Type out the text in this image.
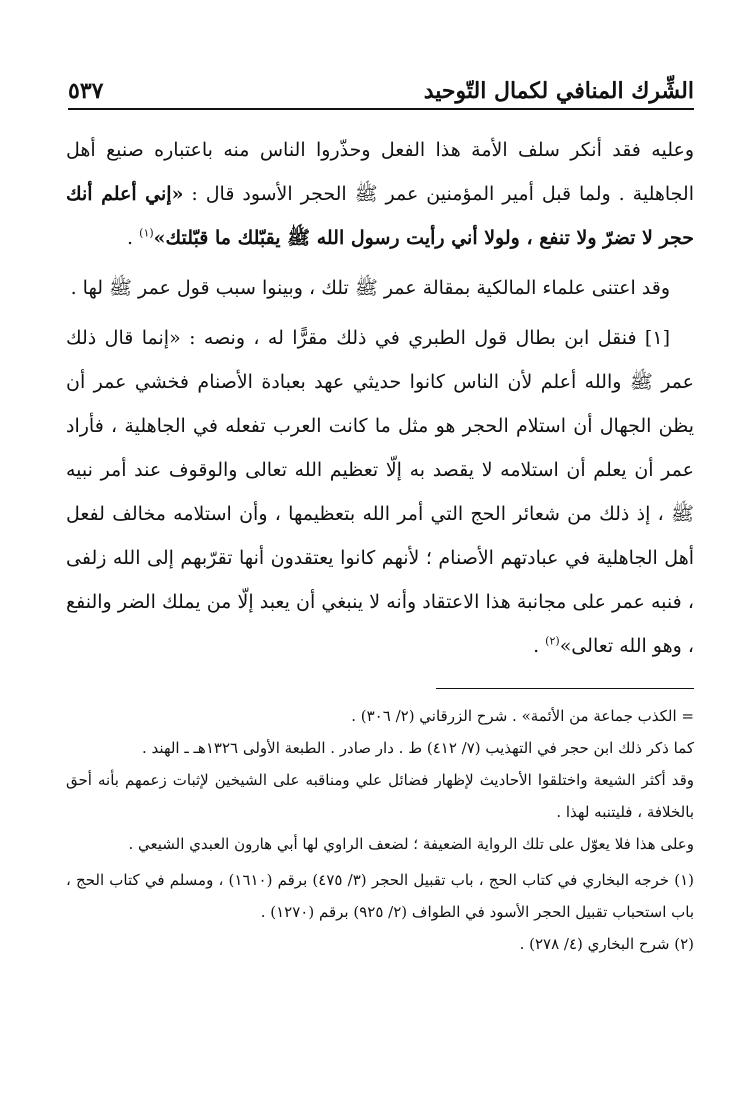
الشِّرك المنافي لكمال التّوحيد
٥٣٧

وعليه فقد أنكر سلف الأمة هذا الفعل وحذّروا الناس منه باعتباره صنيع أهل الجاهلية . ولما قبل أمير المؤمنين عمر ﷺ الحجر الأسود قال : «إني أعلم أنك حجر لا تضرّ ولا تنفع ، ولولا أني رأيت رسول الله ﷺ يقبّلك ما قبّلتك»$^{(١)}$ .

وقد اعتنى علماء المالكية بمقالة عمر ﷺ تلك ، وبينوا سبب قول عمر ﷺ لها .

[١] فنقل ابن بطال قول الطبري في ذلك مقرًّا له ، ونصه : «إنما قال ذلك عمر ﷺ والله أعلم لأن الناس كانوا حديثي عهد بعبادة الأصنام فخشي عمر أن يظن الجهال أن استلام الحجر هو مثل ما كانت العرب تفعله في الجاهلية ، فأراد عمر أن يعلم أن استلامه لا يقصد به إلّا تعظيم الله تعالى والوقوف عند أمر نبيه ﷺ ، إذ ذلك من شعائر الحج التي أمر الله بتعظيمها ، وأن استلامه مخالف لفعل أهل الجاهلية في عبادتهم الأصنام ؛ لأنهم كانوا يعتقدون أنها تقرّبهم إلى الله زلفى ، فنبه عمر على مجانبة هذا الاعتقاد وأنه لا ينبغي أن يعبد إلّا من يملك الضر والنفع ، وهو الله تعالى»$^{(٢)}$ .

= الكذب جماعة من الأئمة» . شرح الزرقاني (٢/ ٣٠٦) .

كما ذكر ذلك ابن حجر في التهذيب (٧/ ٤١٢) ط . دار صادر . الطبعة الأولى ١٣٢٦هـ ـ الهند .

وقد أكثر الشيعة واختلقوا الأحاديث لإظهار فضائل علي ومناقبه على الشيخين لإثبات زعمهم بأنه أحق بالخلافة ، فليتنبه لهذا .

وعلى هذا فلا يعوّل على تلك الرواية الضعيفة ؛ لضعف الراوي لها أبي هارون العبدي الشيعي .

(١) خرجه البخاري في كتاب الحج ، باب تقبيل الحجر (٣/ ٤٧٥) برقم (١٦١٠) ، ومسلم في كتاب الحج ، باب استحباب تقبيل الحجر الأسود في الطواف (٢/ ٩٢٥) برقم (١٢٧٠) .

(٢) شرح البخاري (٤/ ٢٧٨) .
